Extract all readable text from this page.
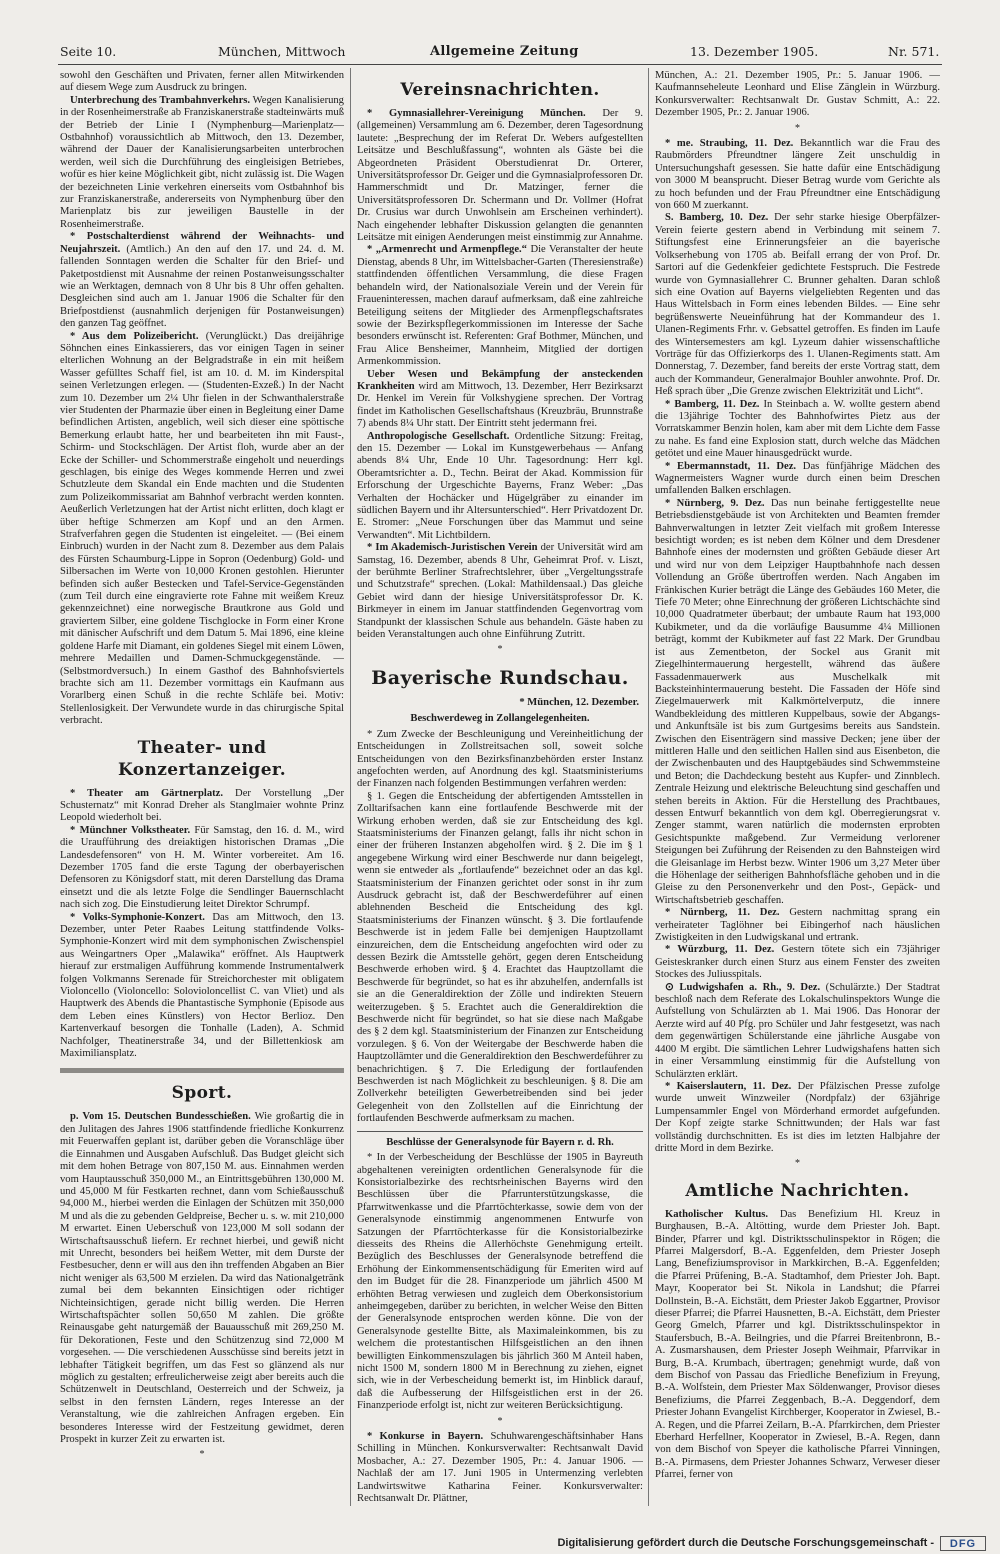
Seite 10.	München, Mittwoch	Allgemeine Zeitung	13. Dezember 1905.	Nr. 571.

sowohl den Geschäften und Privaten, ferner allen Mitwirkenden auf diesem Wege zum Ausdruck zu bringen.

Unterbrechung des Trambahnverkehrs. Wegen Kanalisierung in der Rosenheimerstraße ab Franziskanerstraße stadteinwärts muß der Betrieb der Linie I (Nymphenburg—Marienplatz—Ostbahnhof) voraussichtlich ab Mittwoch, den 13. Dezember, während der Dauer der Kanalisierungsarbeiten unterbrochen werden, weil sich die Durchführung des eingleisigen Betriebes, wofür es hier keine Möglichkeit gibt, nicht zulässig ist. Die Wagen der bezeichneten Linie verkehren einerseits vom Ostbahnhof bis zur Franziskanerstraße, andererseits von Nymphenburg über den Marienplatz bis zur jeweiligen Baustelle in der Rosenheimerstraße.

* Postschalterdienst während der Weihnachts- und Neujahrszeit. (Amtlich.) An den auf den 17. und 24. d. M. fallenden Sonntagen werden die Schalter für den Brief- und Paketpostdienst mit Ausnahme der reinen Postanweisungsschalter wie an Werktagen, demnach von 8 Uhr bis 8 Uhr offen gehalten. Desgleichen sind auch am 1. Januar 1906 die Schalter für den Briefpostdienst (ausnahmlich derjenigen für Postanweisungen) den ganzen Tag geöffnet.

* Aus dem Polizeibericht. (Verunglückt.) Das dreijährige Söhnchen eines Einkassierers, das vor einigen Tagen in seiner elterlichen Wohnung an der Belgradstraße in ein mit heißem Wasser gefülltes Schaff fiel, ist am 10. d. M. im Kinderspital seinen Verletzungen erlegen. — (Studenten-Exzeß.) In der Nacht zum 10. Dezember um 2¼ Uhr fielen in der Schwanthalerstraße vier Studenten der Pharmazie über einen in Begleitung einer Dame befindlichen Artisten, angeblich, weil sich dieser eine spöttische Bemerkung erlaubt hatte, her und bearbeiteten ihn mit Faust-, Schirm- und Stockschlägen. Der Artist floh, wurde aber an der Ecke der Schiller- und Schommerstraße eingeholt und neuerdings geschlagen, bis einige des Weges kommende Herren und zwei Schutzleute dem Skandal ein Ende machten und die Studenten zum Polizeikommissariat am Bahnhof verbracht werden konnten. Aeußerlich Verletzungen hat der Artist nicht erlitten, doch klagt er über heftige Schmerzen am Kopf und an den Armen. Strafverfahren gegen die Studenten ist eingeleitet. — (Bei einem Einbruch) wurden in der Nacht zum 8. Dezember aus dem Palais des Fürsten Schaumburg-Lippe in Sopron (Oedenburg) Gold- und Silbersachen im Werte von 10,000 Kronen gestohlen. Hierunter befinden sich außer Bestecken und Tafel-Service-Gegenständen (zum Teil durch eine eingravierte rote Fahne mit weißem Kreuz gekennzeichnet) eine norwegische Brautkrone aus Gold und graviertem Silber, eine goldene Tischglocke in Form einer Krone mit dänischer Aufschrift und dem Datum 5. Mai 1896, eine kleine goldene Harfe mit Diamant, ein goldenes Siegel mit einem Löwen, mehrere Medaillen und Damen-Schmuckgegenstände. — (Selbstmordversuch.) In einem Gasthof des Bahnhofsviertels brachte sich am 11. Dezember vormittags ein Kaufmann aus Vorarlberg einen Schuß in die rechte Schläfe bei. Motiv: Stellenlosigkeit. Der Verwundete wurde in das chirurgische Spital verbracht.

Theater- und Konzertanzeiger.

* Theater am Gärtnerplatz. Der Vorstellung „Der Schusternatz“ mit Konrad Dreher als Stanglmaier wohnte Prinz Leopold wiederholt bei.

* Münchner Volkstheater. Für Samstag, den 16. d. M., wird die Uraufführung des dreiaktigen historischen Dramas „Die Landesdefensoren“ von H. M. Winter vorbereitet. Am 16. Dezember 1705 fand die erste Tagung der oberbayerischen Defensoren zu Königsdorf statt, mit deren Darstellung das Drama einsetzt und die als letzte Folge die Sendlinger Bauernschlacht nach sich zog. Die Einstudierung leitet Direktor Schrumpf.

* Volks-Symphonie-Konzert. Das am Mittwoch, den 13. Dezember, unter Peter Raabes Leitung stattfindende Volks-Symphonie-Konzert wird mit dem symphonischen Zwischenspiel aus Weingartners Oper „Malawika“ eröffnet. Als Hauptwerk hierauf zur erstmaligen Aufführung kommende Instrumentalwerk folgen Volkmanns Serenade für Streichorchester mit obligatem Violoncello (Violoncello: Solovioloncellist C. van Vliet) und als Hauptwerk des Abends die Phantastische Symphonie (Episode aus dem Leben eines Künstlers) von Hector Berlioz. Den Kartenverkauf besorgen die Tonhalle (Laden), A. Schmid Nachfolger, Theatinerstraße 34, und der Billettenkiosk am Maximiliansplatz.

Sport.

p. Vom 15. Deutschen Bundesschießen. Wie großartig die in den Julitagen des Jahres 1906 stattfindende friedliche Konkurrenz mit Feuerwaffen geplant ist, darüber geben die Voranschläge über die Einnahmen und Ausgaben Aufschluß. Das Budget gleicht sich mit dem hohen Betrage von 807,150 M. aus. Einnahmen werden vom Hauptausschuß 350,000 M., an Eintrittsgebühren 130,000 M. und 45,000 M für Festkarten rechnet, dann vom Schießausschuß 94,000 M., hierbei werden die Einlagen der Schützen mit 350,000 M und als die zu gebenden Geldpreise, Becher u. s. w. mit 210,000 M erwartet. Einen Ueberschuß von 123,000 M soll sodann der Wirtschaftsausschuß liefern. Er rechnet hierbei, und gewiß nicht mit Unrecht, besonders bei heißem Wetter, mit dem Durste der Festbesucher, denn er will aus den ihn treffenden Abgaben an Bier nicht weniger als 63,500 M erzielen. Da wird das Nationalgetränk zumal bei dem bekannten Einsichtigen oder richtiger Nichteinsichtigen, gerade nicht billig werden. Die Herren Wirtschaftspächter sollen 50,650 M zahlen. Die größte Reinausgabe geht naturgemäß der Bauausschuß mit 269,250 M. für Dekorationen, Feste und den Schützenzug sind 72,000 M vorgesehen. — Die verschiedenen Ausschüsse sind bereits jetzt in lebhafter Tätigkeit begriffen, um das Fest so glänzend als nur möglich zu gestalten; erfreulicherweise zeigt aber bereits auch die Schützenwelt in Deutschland, Oesterreich und der Schweiz, ja selbst in den fernsten Ländern, reges Interesse an der Veranstaltung, wie die zahlreichen Anfragen ergeben. Ein besonderes Interesse wird der Festzeitung gewidmet, deren Prospekt in kurzer Zeit zu erwarten ist.

*
Vereinsnachrichten.

* Gymnasiallehrer-Vereinigung München. Der 9. (allgemeinen) Versammlung am 6. Dezember, deren Tagesordnung lautete: „Besprechung der im Referat Dr. Webers aufgestellten Leitsätze und Beschlußfassung“, wohnten als Gäste bei die Abgeordneten Präsident Oberstudienrat Dr. Orterer, Universitätsprofessor Dr. Geiger und die Gymnasialprofessoren Dr. Hammerschmidt und Dr. Matzinger, ferner die Universitätsprofessoren Dr. Schermann und Dr. Vollmer (Hofrat Dr. Crusius war durch Unwohlsein am Erscheinen verhindert). Nach eingehender lebhafter Diskussion gelangten die genannten Leitsätze mit einigen Aenderungen meist einstimmig zur Annahme.

* „Armenrecht und Armenpflege.“ Die Veranstalter der heute Dienstag, abends 8 Uhr, im Wittelsbacher-Garten (Theresienstraße) stattfindenden öffentlichen Versammlung, die diese Fragen behandeln wird, der Nationalsoziale Verein und der Verein für Fraueninteressen, machen darauf aufmerksam, daß eine zahlreiche Beteiligung seitens der Mitglieder des Armenpflegschaftsrates sowie der Bezirkspflegerkommissionen im Interesse der Sache besonders erwünscht ist. Referenten: Graf Bothmer, München, und Frau Alice Bensheimer, Mannheim, Mitglied der dortigen Armenkommission.

Ueber Wesen und Bekämpfung der ansteckenden Krankheiten wird am Mittwoch, 13. Dezember, Herr Bezirksarzt Dr. Henkel im Verein für Volkshygiene sprechen. Der Vortrag findet im Katholischen Gesellschaftshaus (Kreuzbräu, Brunnstraße 7) abends 8¼ Uhr statt. Der Eintritt steht jedermann frei.

Anthropologische Gesellschaft. Ordentliche Sitzung: Freitag, den 15. Dezember — Lokal im Kunstgewerbehaus — Anfang abends 8¼ Uhr, Ende 10 Uhr. Tagesordnung: Herr kgl. Oberamtsrichter a. D., Techn. Beirat der Akad. Kommission für Erforschung der Urgeschichte Bayerns, Franz Weber: „Das Verhalten der Hochäcker und Hügelgräber zu einander im südlichen Bayern und ihr Altersunterschied“. Herr Privatdozent Dr. E. Stromer: „Neue Forschungen über das Mammut und seine Verwandten“. Mit Lichtbildern.

* Im Akademisch-Juristischen Verein der Universität wird am Samstag, 16. Dezember, abends 8 Uhr, Geheimrat Prof. v. Liszt, der berühmte Berliner Strafrechtslehrer, über „Vergeltungsstrafe und Schutzstrafe“ sprechen. (Lokal: Mathildensaal.) Das gleiche Gebiet wird dann der hiesige Universitätsprofessor Dr. K. Birkmeyer in einem im Januar stattfindenden Gegenvortrag vom Standpunkt der klassischen Schule aus behandeln. Gäste haben zu beiden Veranstaltungen auch ohne Einführung Zutritt.

*
Bayerische Rundschau.
* München, 12. Dezember.
Beschwerdeweg in Zollangelegenheiten.

* Zum Zwecke der Beschleunigung und Vereinheitlichung der Entscheidungen in Zollstreitsachen soll, soweit solche Entscheidungen von den Bezirksfinanzbehörden erster Instanz angefochten werden, auf Anordnung des kgl. Staatsministeriums der Finanzen nach folgenden Bestimmungen verfahren werden:

§ 1. Gegen die Entscheidung der abfertigenden Amtsstellen in Zolltarifsachen kann eine fortlaufende Beschwerde mit der Wirkung erhoben werden, daß sie zur Entscheidung des kgl. Staatsministeriums der Finanzen gelangt, falls ihr nicht schon in einer der früheren Instanzen abgeholfen wird. § 2. Die im § 1 angegebene Wirkung wird einer Beschwerde nur dann beigelegt, wenn sie entweder als „fortlaufende“ bezeichnet oder an das kgl. Staatsministerium der Finanzen gerichtet oder sonst in ihr zum Ausdruck gebracht ist, daß der Beschwerdeführer auf einen ablehnenden Bescheid die Entscheidung des kgl. Staatsministeriums der Finanzen wünscht. § 3. Die fortlaufende Beschwerde ist in jedem Falle bei demjenigen Hauptzollamt einzureichen, dem die Entscheidung angefochten wird oder zu dessen Bezirk die Amtsstelle gehört, gegen deren Entscheidung Beschwerde erhoben wird. § 4. Erachtet das Hauptzollamt die Beschwerde für begründet, so hat es ihr abzuhelfen, andernfalls ist sie an die Generaldirektion der Zölle und indirekten Steuern weiterzugeben. § 5. Erachtet auch die Generaldirektion die Beschwerde nicht für begründet, so hat sie diese nach Maßgabe des § 2 dem kgl. Staatsministerium der Finanzen zur Entscheidung vorzulegen. § 6. Von der Weitergabe der Beschwerde haben die Hauptzollämter und die Generaldirektion den Beschwerdeführer zu benachrichtigen. § 7. Die Erledigung der fortlaufenden Beschwerden ist nach Möglichkeit zu beschleunigen. § 8. Die am Zollverkehr beteiligten Gewerbetreibenden sind bei jeder Gelegenheit von den Zollstellen auf die Einrichtung der fortlaufenden Beschwerde aufmerksam zu machen.

Beschlüsse der Generalsynode für Bayern r. d. Rh.

* In der Verbescheidung der Beschlüsse der 1905 in Bayreuth abgehaltenen vereinigten ordentlichen Generalsynode für die Konsistorialbezirke des rechtsrheinischen Bayerns wird den Beschlüssen über die Pfarrunterstützungskasse, die Pfarrwitwenkasse und die Pfarrtöchterkasse, sowie dem von der Generalsynode einstimmig angenommenen Entwurfe von Satzungen der Pfarrtöchterkasse für die Konsistorialbezirke diesseits des Rheins die Allerhöchste Genehmigung erteilt. Bezüglich des Beschlusses der Generalsynode betreffend die Erhöhung der Einkommensentschädigung für Emeriten wird auf den im Budget für die 28. Finanzperiode um jährlich 4500 M erhöhten Betrag verwiesen und zugleich dem Oberkonsistorium anheimgegeben, darüber zu berichten, in welcher Weise den Bitten der Generalsynode entsprochen werden könne. Die von der Generalsynode gestellte Bitte, als Maximaleinkommen, bis zu welchem die protestantischen Hilfsgeistlichen an den ihnen bewilligten Einkommenszulagen bis jährlich 360 M Anteil haben, nicht 1500 M, sondern 1800 M in Berechnung zu ziehen, eignet sich, wie in der Verbescheidung bemerkt ist, im Hinblick darauf, daß die Aufbesserung der Hilfsgeistlichen erst in der 26. Finanzperiode erfolgt ist, nicht zur weiteren Berücksichtigung.

*

* Konkurse in Bayern. Schuhwarengeschäftsinhaber Hans Schilling in München. Konkursverwalter: Rechtsanwalt David Mosbacher, A.: 27. Dezember 1905, Pr.: 4. Januar 1906. — Nachlaß der am 17. Juni 1905 in Untermenzing verlebten Landwirtswitwe Katharina Feiner. Konkursverwalter: Rechtsanwalt Dr. Plättner,

München, A.: 21. Dezember 1905, Pr.: 5. Januar 1906. — Kaufmannseheleute Leonhard und Elise Zänglein in Würzburg. Konkursverwalter: Rechtsanwalt Dr. Gustav Schmitt, A.: 22. Dezember 1905, Pr.: 2. Januar 1906.

*

* me. Straubing, 11. Dez. Bekanntlich war die Frau des Raubmörders Pfreundtner längere Zeit unschuldig in Untersuchungshaft gesessen. Sie hatte dafür eine Entschädigung von 3000 M beansprucht. Dieser Betrag wurde vom Gerichte als zu hoch befunden und der Frau Pfreundtner eine Entschädigung von 660 M zuerkannt.

S. Bamberg, 10. Dez. Der sehr starke hiesige Oberpfälzer-Verein feierte gestern abend in Verbindung mit seinem 7. Stiftungsfest eine Erinnerungsfeier an die bayerische Volkserhebung von 1705 ab. Beifall errang der von Prof. Dr. Sartori auf die Gedenkfeier gedichtete Festspruch. Die Festrede wurde von Gymnasiallehrer C. Brunner gehalten. Daran schloß sich eine Ovation auf Bayerns vielgeliebten Regenten und das Haus Wittelsbach in Form eines lebenden Bildes. — Eine sehr begrüßenswerte Neueinführung hat der Kommandeur des 1. Ulanen-Regiments Frhr. v. Gebsattel getroffen. Es finden im Laufe des Wintersemesters am kgl. Lyzeum dahier wissenschaftliche Vorträge für das Offizierkorps des 1. Ulanen-Regiments statt. Am Donnerstag, 7. Dezember, fand bereits der erste Vortrag statt, dem auch der Kommandeur, Generalmajor Bouhler anwohnte. Prof. Dr. Heß sprach über „Die Grenze zwischen Elektrizität und Licht“.

* Bamberg, 11. Dez. In Steinbach a. W. wollte gestern abend die 13jährige Tochter des Bahnhofwirtes Pietz aus der Vorratskammer Benzin holen, kam aber mit dem Lichte dem Fasse zu nahe. Es fand eine Explosion statt, durch welche das Mädchen getötet und eine Mauer hinausgedrückt wurde.

* Ebermannstadt, 11. Dez. Das fünfjährige Mädchen des Wagnermeisters Wagner wurde durch einen beim Dreschen umfallenden Balken erschlagen.

* Nürnberg, 9. Dez. Das nun beinahe fertiggestellte neue Betriebsdienstgebäude ist von Architekten und Beamten fremder Bahnverwaltungen in letzter Zeit vielfach mit großem Interesse besichtigt worden; es ist neben dem Kölner und dem Dresdener Bahnhofe eines der modernsten und größten Gebäude dieser Art und wird nur von dem Leipziger Hauptbahnhofe nach dessen Vollendung an Größe übertroffen werden. Nach Angaben im Fränkischen Kurier beträgt die Länge des Gebäudes 160 Meter, die Tiefe 70 Meter; ohne Einrechnung der größeren Lichtschächte sind 10,000 Quadratmeter überbaut; der umbaute Raum hat 193,000 Kubikmeter, und da die vorläufige Bausumme 4¼ Millionen beträgt, kommt der Kubikmeter auf fast 22 Mark. Der Grundbau ist aus Zementbeton, der Sockel aus Granit mit Ziegelhintermauerung hergestellt, während das äußere Fassadenmauerwerk aus Muschelkalk mit Backsteinhintermauerung besteht. Die Fassaden der Höfe sind Ziegelmauerwerk mit Kalkmörtelverputz, die innere Wandbekleidung des mittleren Kuppelbaus, sowie der Abgangs- und Ankunftsäle ist bis zum Gurtgesims bereits aus Sandstein. Zwischen den Eisenträgern sind massive Decken; jene über der mittleren Halle und den seitlichen Hallen sind aus Eisenbeton, die der Zwischenbauten und des Hauptgebäudes sind Schwemmsteine und Beton; die Dachdeckung besteht aus Kupfer- und Zinnblech. Zentrale Heizung und elektrische Beleuchtung sind geschaffen und stehen bereits in Aktion. Für die Herstellung des Prachtbaues, dessen Entwurf bekanntlich von dem kgl. Oberregierungsrat v. Zenger stammt, waren natürlich die modernsten erprobten Gesichtspunkte maßgebend. Zur Vermeidung verlorener Steigungen bei Zuführung der Reisenden zu den Bahnsteigen wird die Gleisanlage im Herbst bezw. Winter 1906 um 3,27 Meter über die Höhenlage der seitherigen Bahnhofsfläche gehoben und in die Gleise zu den Personenverkehr und den Post-, Gepäck- und Wirtschaftsbetrieb geschaffen.

* Nürnberg, 11. Dez. Gestern nachmittag sprang ein verheirateter Taglöhner bei Eibingerhof nach häuslichen Zwistigkeiten in den Ludwigskanal und ertrank.

* Würzburg, 11. Dez. Gestern tötete sich ein 73jähriger Geisteskranker durch einen Sturz aus einem Fenster des zweiten Stockes des Juliusspitals.

⊙ Ludwigshafen a. Rh., 9. Dez. (Schulärzte.) Der Stadtrat beschloß nach dem Referate des Lokalschulinspektors Wunge die Aufstellung von Schulärzten ab 1. Mai 1906. Das Honorar der Aerzte wird auf 40 Pfg. pro Schüler und Jahr festgesetzt, was nach dem gegenwärtigen Schülerstande eine jährliche Ausgabe von 4400 M ergibt. Die sämtlichen Lehrer Ludwigshafens hatten sich in einer Versammlung einstimmig für die Aufstellung von Schulärzten erklärt.

* Kaiserslautern, 11. Dez. Der Pfälzischen Presse zufolge wurde unweit Winzweiler (Nordpfalz) der 63jährige Lumpensammler Engel von Mörderhand ermordet aufgefunden. Der Kopf zeigte starke Schnittwunden; der Hals war fast vollständig durchschnitten. Es ist dies im letzten Halbjahre der dritte Mord in dem Bezirke.

*
Amtliche Nachrichten.

Katholischer Kultus. Das Benefizium Hl. Kreuz in Burghausen, B.-A. Altötting, wurde dem Priester Joh. Bapt. Binder, Pfarrer und kgl. Distriktsschulinspektor in Rögen; die Pfarrei Malgersdorf, B.-A. Eggenfelden, dem Priester Joseph Lang, Benefiziumsprovisor in Markkirchen, B.-A. Eggenfelden; die Pfarrei Prüfening, B.-A. Stadtamhof, dem Priester Joh. Bapt. Mayr, Kooperator bei St. Nikola in Landshut; die Pfarrei Dollnstein, B.-A. Eichstätt, dem Priester Jakob Eggartner, Provisor dieser Pfarrei; die Pfarrei Hausnetten, B.-A. Eichstätt, dem Priester Georg Gmelch, Pfarrer und kgl. Distriktsschulinspektor in Staufersbuch, B.-A. Beilngries, und die Pfarrei Breitenbronn, B.-A. Zusmarshausen, dem Priester Joseph Weihmair, Pfarrvikar in Burg, B.-A. Krumbach, übertragen; genehmigt wurde, daß von dem Bischof von Passau das Friedliche Benefizium in Freyung, B.-A. Wolfstein, dem Priester Max Söldenwanger, Provisor dieses Benefiziums, die Pfarrei Zeggenbach, B.-A. Deggendorf, dem Priester Johann Evangelist Kirchberger, Kooperator in Zwiesel, B.-A. Regen, und die Pfarrei Zeilarn, B.-A. Pfarrkirchen, dem Priester Eberhard Herfellner, Kooperator in Zwiesel, B.-A. Regen, dann von dem Bischof von Speyer die katholische Pfarrei Vinningen, B.-A. Pirmasens, dem Priester Johannes Schwarz, Verweser dieser Pfarrei, ferner von

Digitalisierung gefördert durch die Deutsche Forschungsgemeinschaft -	DFG
